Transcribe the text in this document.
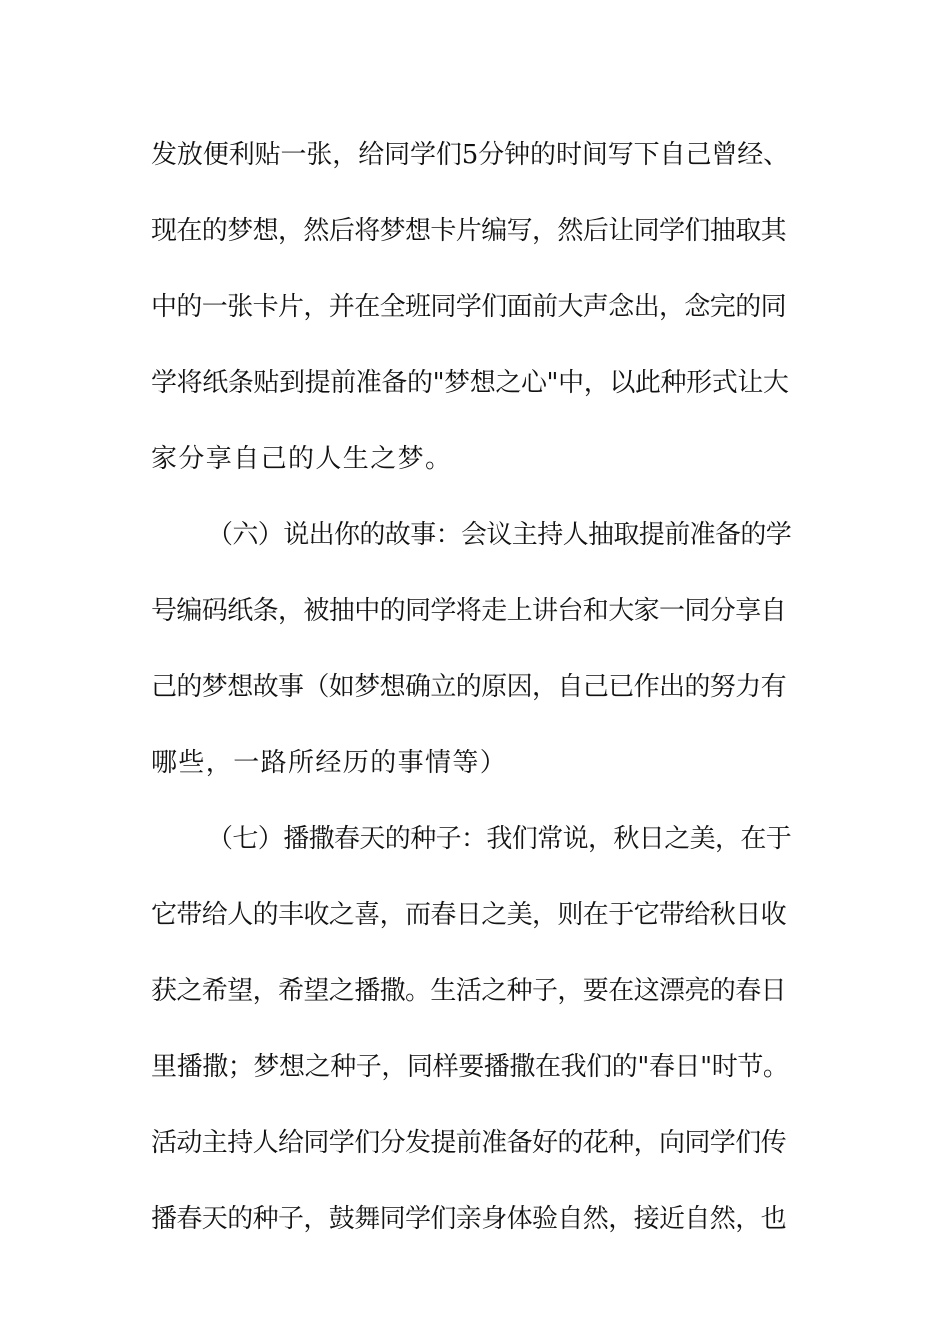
发放便利贴一张，给同学们5分钟的时间写下自己曾经、
现在的梦想，然后将梦想卡片编写，然后让同学们抽取其
中的一张卡片，并在全班同学们面前大声念出，念完的同
学将纸条贴到提前准备的"梦想之心"中，以此种形式让大
家分享自己的人生之梦。
（六）说出你的故事：会议主持人抽取提前准备的学
号编码纸条，被抽中的同学将走上讲台和大家一同分享自
己的梦想故事（如梦想确立的原因，自己已作出的努力有
哪些，一路所经历的事情等）
（七）播撒春天的种子：我们常说，秋日之美，在于
它带给人的丰收之喜，而春日之美，则在于它带给秋日收
获之希望，希望之播撒。生活之种子，要在这漂亮的春日
里播撒；梦想之种子，同样要播撒在我们的"春日"时节。
活动主持人给同学们分发提前准备好的花种，向同学们传
播春天的种子，鼓舞同学们亲身体验自然，接近自然，也
